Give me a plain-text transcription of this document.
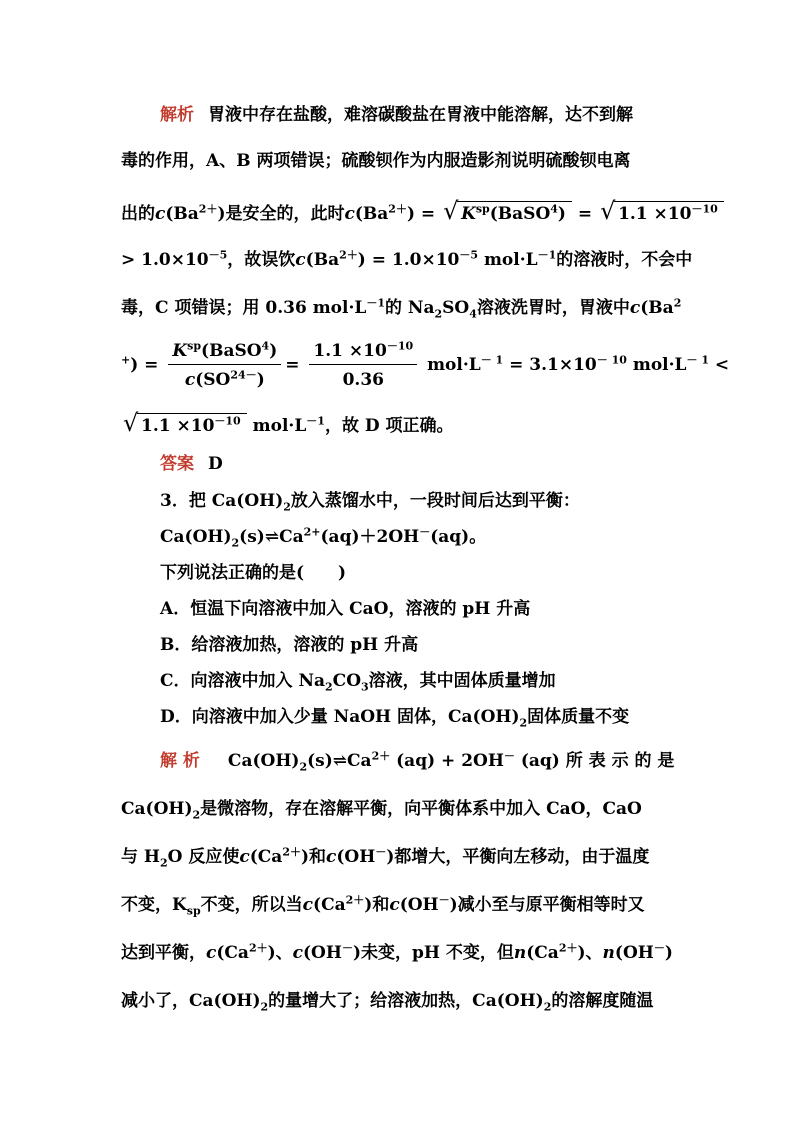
解析 胃液中存在盐酸，难溶碳酸盐在胃液中能溶解，达不到解
毒的作用，A、B 两项错误；硫酸钡作为内服造影剂说明硫酸钡电离
出的$c(Ba^{2+})$是安全的，此时$c(Ba^{2+})$ = √ $K^{sp}(BaSO^4)$ = √ $1.1 \times 10^{-10}$
> $1.0\times 10^{-5}$，故误饮$c(Ba^{2+}) = 1.0\times 10^{-5}$ $mol\cdot L^{-1}$的溶液时，不会中
毒，C 项错误；用 0.36 $mol\cdot L^{-1}$的 $Na_2SO_4$溶液洗胃时，胃液中c(Ba$^2$
$^+) = \frac{K^{sp}(BaSO^4)}{c(SO^{24-})} = \frac{1.1 \times 10^{-10}}{0.36} mol\cdot L^{- 1} = 3.1\times 10^{- 10}$ $mol\cdot L^{- 1}$ <
√ $1.1 \times 10^{-10}$ $mol\cdot L^{-1}$，故 D 项正确。
答案 D
3．把 $Ca(OH)_2$放入蒸馏水中，一段时间后达到平衡：
$Ca(OH)_2(s)\rightleftharpoons Ca^{2+}(aq)+2OH^-(aq)$。
下列说法正确的是(　　)
A．恒温下向溶液中加入 CaO，溶液的 pH 升高
B．给溶液加热，溶液的 pH 升高
C．向溶液中加入 $Na_2CO_3$溶液，其中固体质量增加
D．向溶液中加入少量 NaOH 固体，$Ca(OH)_2$固体质量不变
解 析 $Ca(OH)_2(s)\rightleftharpoons Ca^{2+}$ (aq) + 2OH－ (aq) 所 表 示 的 是
$Ca(OH)_2$是微溶物，存在溶解平衡，向平衡体系中加入 CaO，CaO
与 $H_2O$ 反应使$c(Ca^{2+})$和c(OH－)都增大，平衡向左移动，由于温度
不变，$K_{sp}$不变，所以当$c(Ca^{2+})$和c(OH－)减小至与原平衡相等时又
达到平衡，$c(Ca^{2+})$、c(OH－)未变，pH 不变，但$n(Ca^{2+})$、n(OH－)
减小了，$Ca(OH)_2$的量增大了；给溶液加热，$Ca(OH)_2$的溶解度随温
